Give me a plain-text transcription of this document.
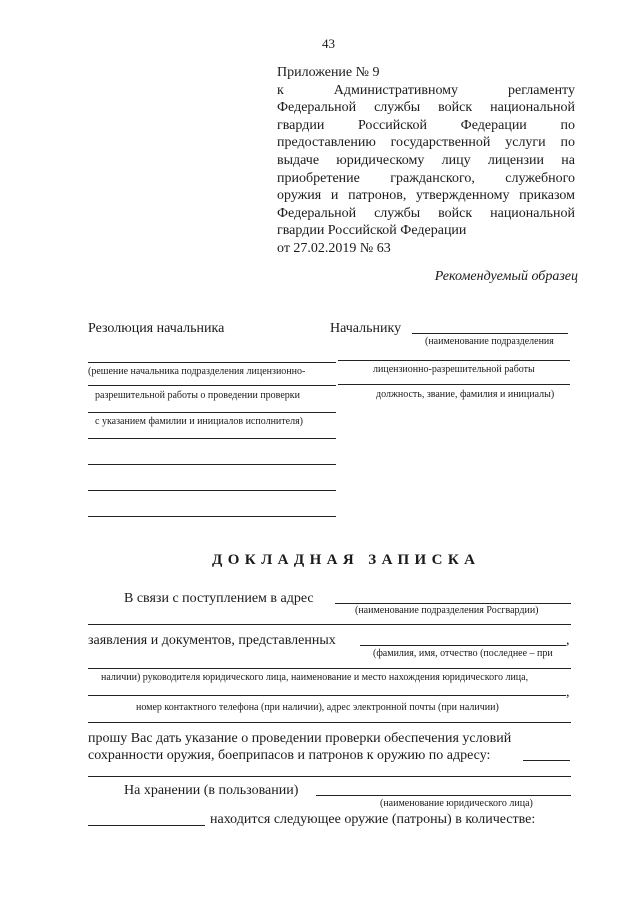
43
Приложение № 9
к Административному регламенту
Федеральной службы войск национальной
гвардии Российской Федерации по
предоставлению государственной услуги по
выдаче юридическому лицу лицензии на
приобретение гражданского, служебного
оружия и патронов, утвержденному приказом
Федеральной службы войск национальной
гвардии Российской Федерации
от 27.02.2019 № 63
Рекомендуемый образец
Резолюция начальника
(решение начальника подразделения лицензионно-
разрешительной работы о проведении проверки
с указанием фамилии и инициалов исполнителя)
Начальнику
(наименование подразделения
лицензионно-разрешительной работы
должность, звание, фамилия и инициалы)
ДОКЛАДНАЯ ЗАПИСКА
В связи с поступлением в адрес
(наименование подразделения Росгвардии)
заявления и документов, представленных	,
(фамилия, имя, отчество (последнее – при
наличии) руководителя юридического лица, наименование и место нахождения юридического лица,
,
номер контактного телефона (при наличии), адрес электронной почты (при наличии)
прошу Вас дать указание о проведении проверки обеспечения условий
сохранности оружия, боеприпасов и патронов к оружию по адресу:
На хранении (в пользовании)
(наименование юридического лица)
находится следующее оружие (патроны) в количестве:
